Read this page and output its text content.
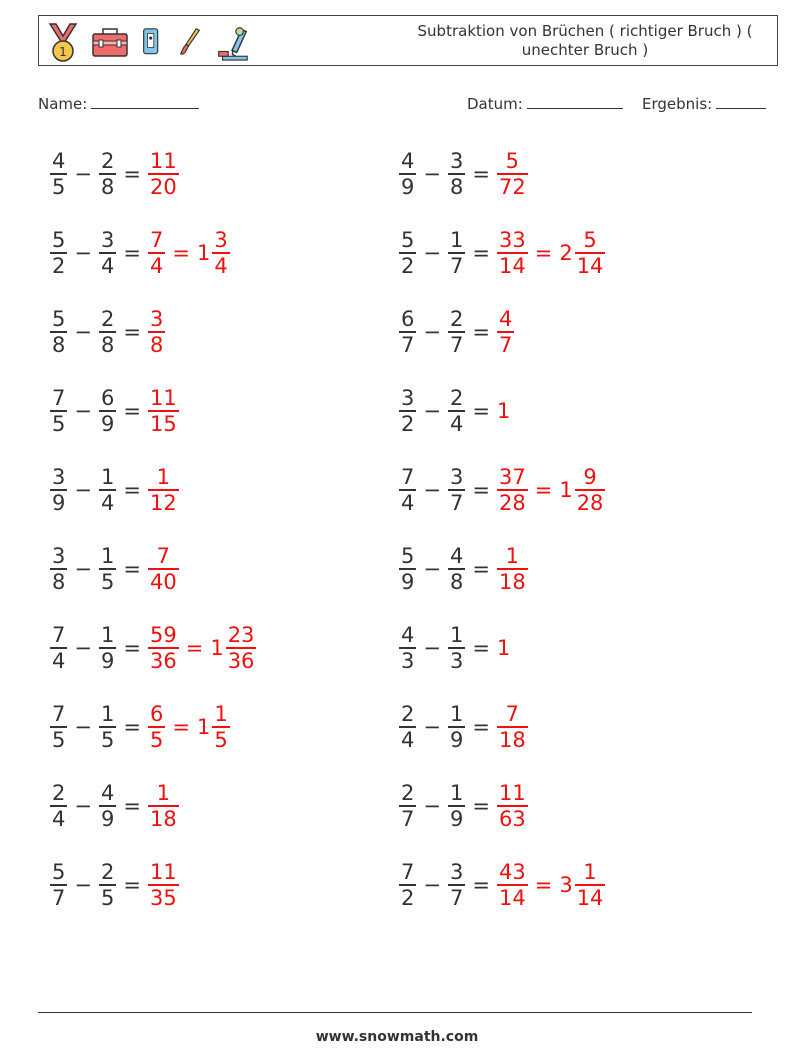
1
Subtraktion von Brüchen ( richtiger Bruch ) ( unechter Bruch )
Name:	Datum:	Ergebnis:
$\frac{4}{5} - \frac{2}{8} = \frac{11}{20}$	$\frac{4}{9} - \frac{3}{8} = \frac{5}{72}$
$\frac{5}{2} - \frac{3}{4} = \frac{7}{4} = 1 \frac{3}{4}$	$\frac{5}{2} - \frac{1}{7} = \frac{33}{14} = 2 \frac{5}{14}$
$\frac{5}{8} - \frac{2}{8} = \frac{3}{8}$	$\frac{6}{7} - \frac{2}{7} = \frac{4}{7}$
$\frac{7}{5} - \frac{6}{9} = \frac{11}{15}$	$\frac{3}{2} - \frac{2}{4} = 1$
$\frac{3}{9} - \frac{1}{4} = \frac{1}{12}$	$\frac{7}{4} - \frac{3}{7} = \frac{37}{28} = 1 \frac{9}{28}$
$\frac{3}{8} - \frac{1}{5} = \frac{7}{40}$	$\frac{5}{9} - \frac{4}{8} = \frac{1}{18}$
$\frac{7}{4} - \frac{1}{9} = \frac{59}{36} = 1 \frac{23}{36}$	$\frac{4}{3} - \frac{1}{3} = 1$
$\frac{7}{5} - \frac{1}{5} = \frac{6}{5} = 1 \frac{1}{5}$	$\frac{2}{4} - \frac{1}{9} = \frac{7}{18}$
$\frac{2}{4} - \frac{4}{9} = \frac{1}{18}$	$\frac{2}{7} - \frac{1}{9} = \frac{11}{63}$
$\frac{5}{7} - \frac{2}{5} = \frac{11}{35}$	$\frac{7}{2} - \frac{3}{7} = \frac{43}{14} = 3 \frac{1}{14}$
www.snowmath.com
